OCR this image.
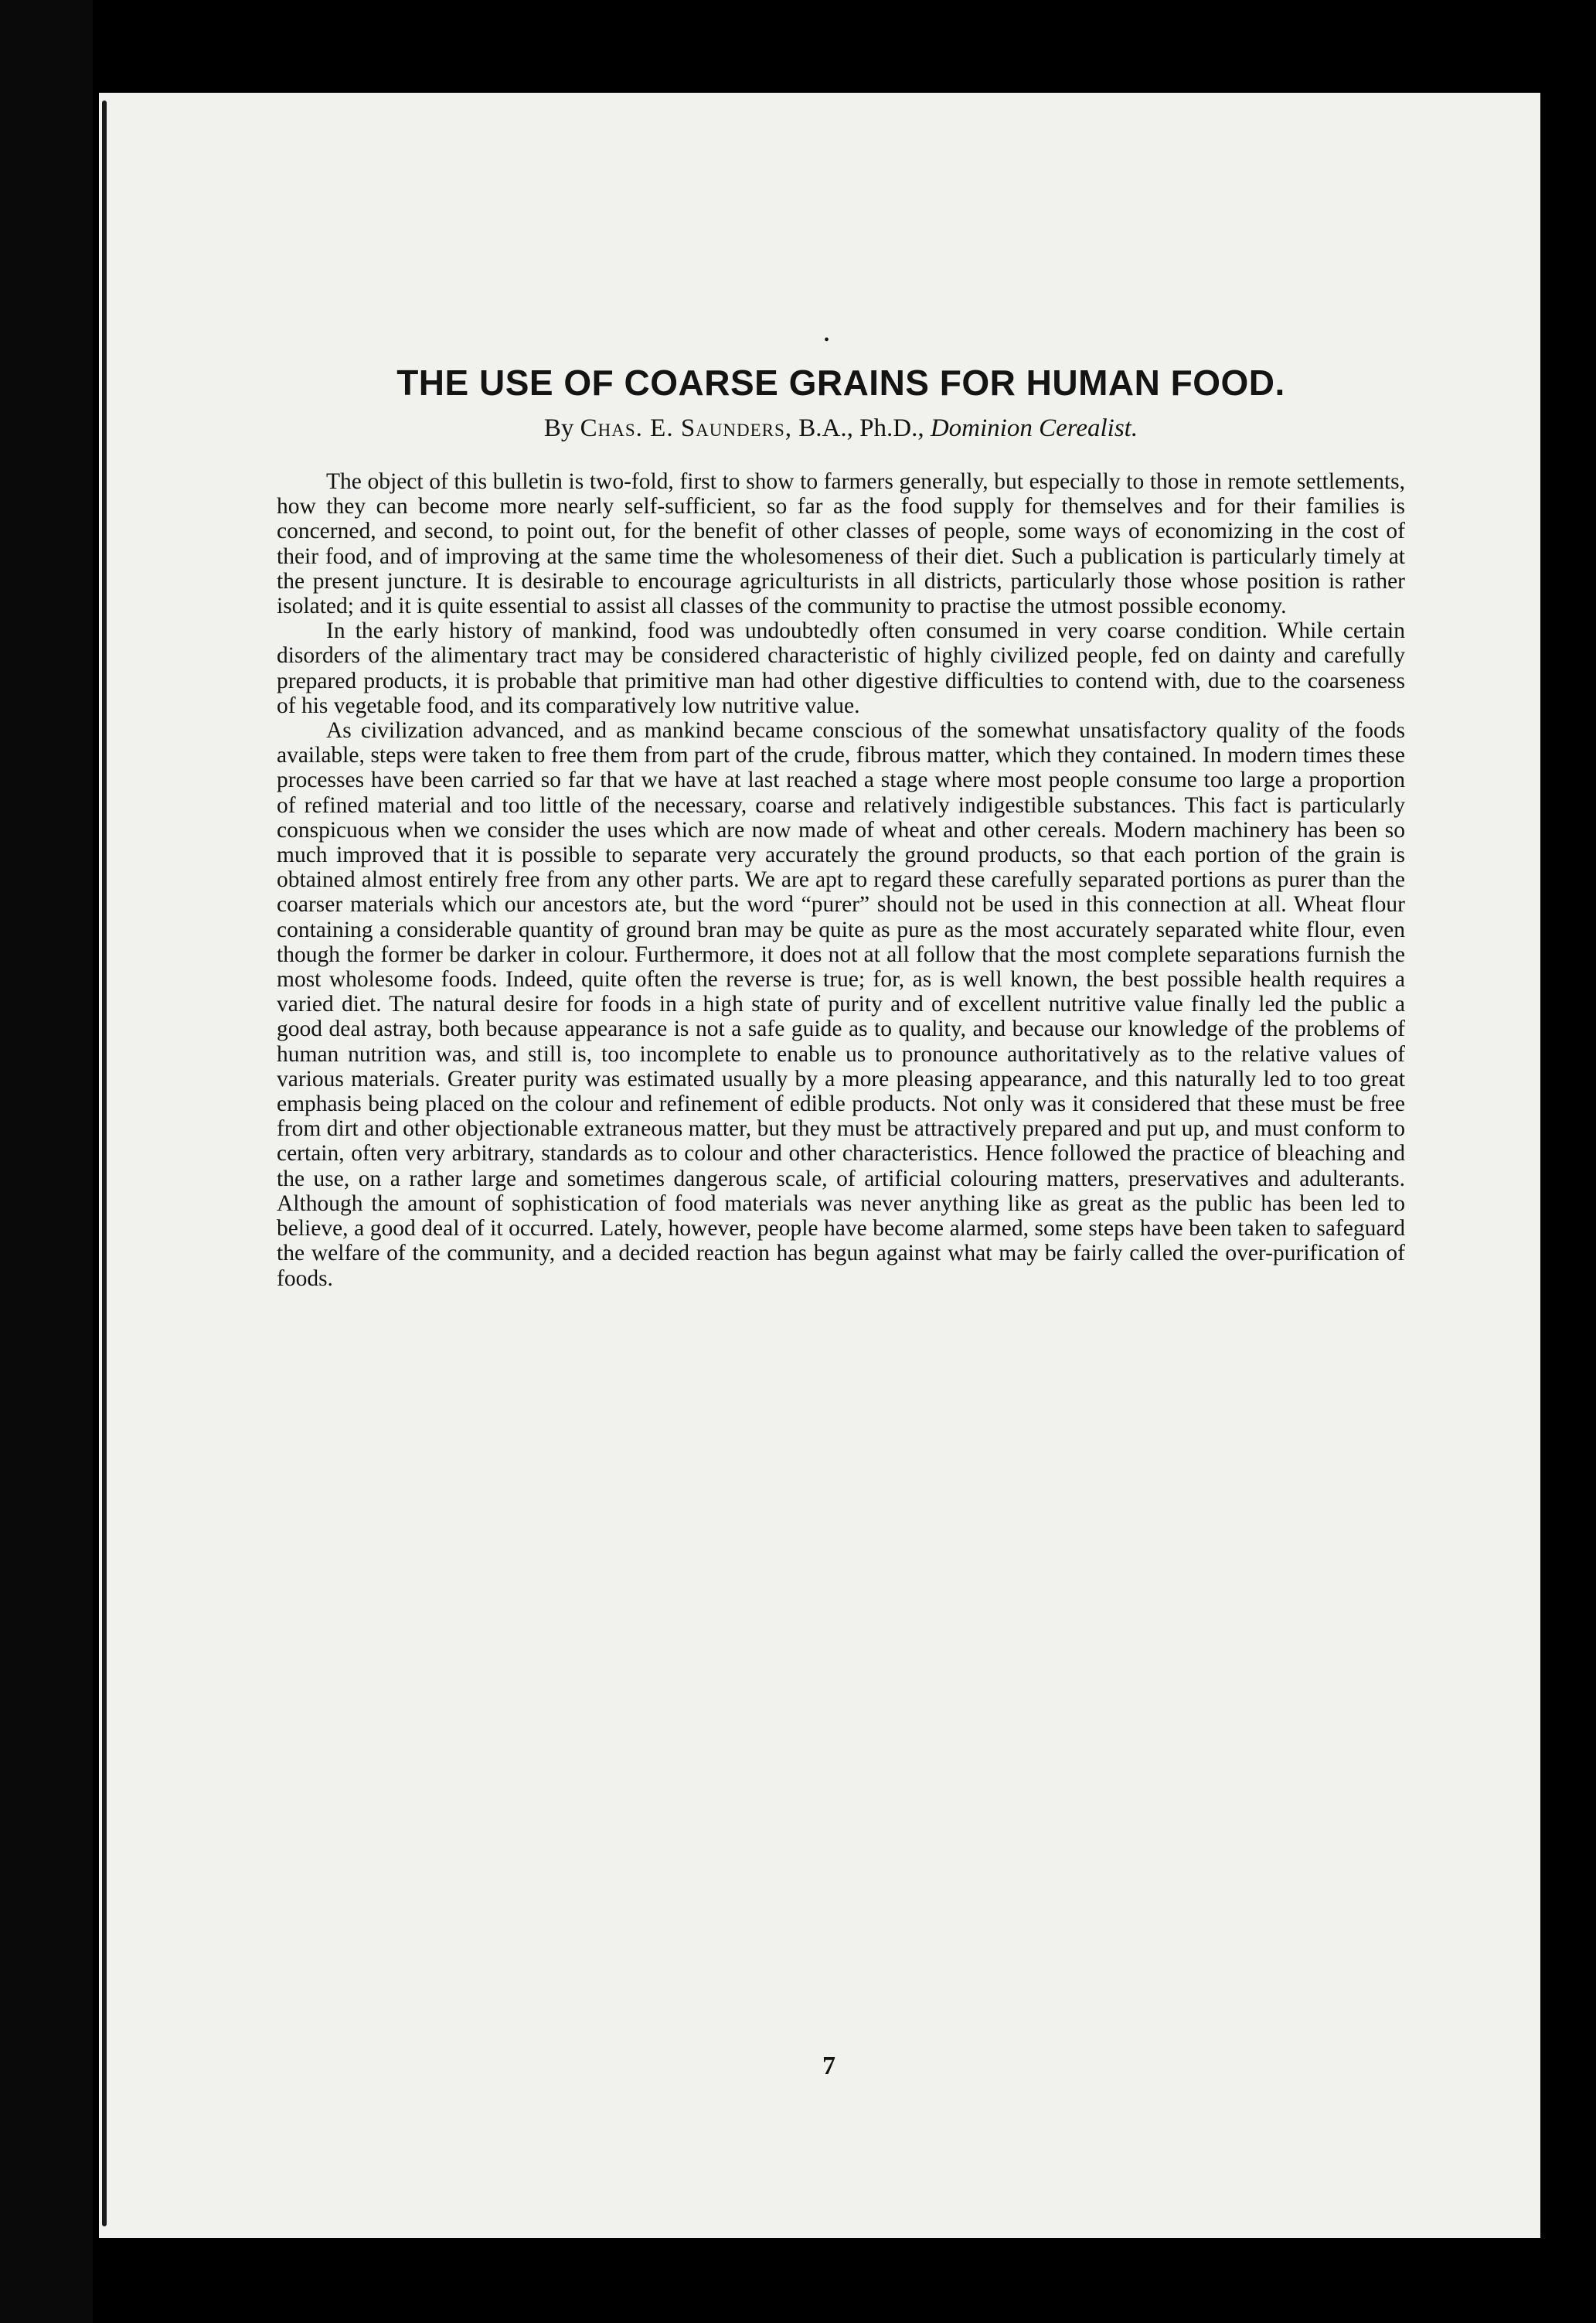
•
THE USE OF COARSE GRAINS FOR HUMAN FOOD.
By Chas. E. Saunders, B.A., Ph.D., Dominion Cerealist.

The object of this bulletin is two-fold, first to show to farmers generally, but especially to those in remote settlements, how they can become more nearly self-sufficient, so far as the food supply for themselves and for their families is concerned, and second, to point out, for the benefit of other classes of people, some ways of economizing in the cost of their food, and of improving at the same time the wholesomeness of their diet. Such a publication is particularly timely at the present juncture. It is desirable to encourage agriculturists in all districts, particularly those whose position is rather isolated; and it is quite essential to assist all classes of the community to practise the utmost possible economy.

In the early history of mankind, food was undoubtedly often consumed in very coarse condition. While certain disorders of the alimentary tract may be considered characteristic of highly civilized people, fed on dainty and carefully prepared products, it is probable that primitive man had other digestive difficulties to contend with, due to the coarseness of his vegetable food, and its comparatively low nutritive value.

As civilization advanced, and as mankind became conscious of the somewhat unsatisfactory quality of the foods available, steps were taken to free them from part of the crude, fibrous matter, which they contained. In modern times these processes have been carried so far that we have at last reached a stage where most people consume too large a proportion of refined material and too little of the necessary, coarse and relatively indigestible substances. This fact is particularly conspicuous when we consider the uses which are now made of wheat and other cereals. Modern machinery has been so much improved that it is possible to separate very accurately the ground products, so that each portion of the grain is obtained almost entirely free from any other parts. We are apt to regard these carefully separated portions as purer than the coarser materials which our ancestors ate, but the word “purer” should not be used in this connection at all. Wheat flour containing a considerable quantity of ground bran may be quite as pure as the most accurately separated white flour, even though the former be darker in colour. Furthermore, it does not at all follow that the most complete separations furnish the most wholesome foods. Indeed, quite often the reverse is true; for, as is well known, the best possible health requires a varied diet. The natural desire for foods in a high state of purity and of excellent nutritive value finally led the public a good deal astray, both because appearance is not a safe guide as to quality, and because our knowledge of the problems of human nutrition was, and still is, too incomplete to enable us to pronounce authoritatively as to the relative values of various materials. Greater purity was estimated usually by a more pleasing appearance, and this naturally led to too great emphasis being placed on the colour and refinement of edible products. Not only was it considered that these must be free from dirt and other objectionable extraneous matter, but they must be attractively prepared and put up, and must conform to certain, often very arbitrary, standards as to colour and other characteristics. Hence followed the practice of bleaching and the use, on a rather large and sometimes dangerous scale, of artificial colouring matters, preservatives and adulterants. Although the amount of sophistication of food materials was never anything like as great as the public has been led to believe, a good deal of it occurred. Lately, however, people have become alarmed, some steps have been taken to safeguard the welfare of the community, and a decided reaction has begun against what may be fairly called the over-purification of foods.

7
